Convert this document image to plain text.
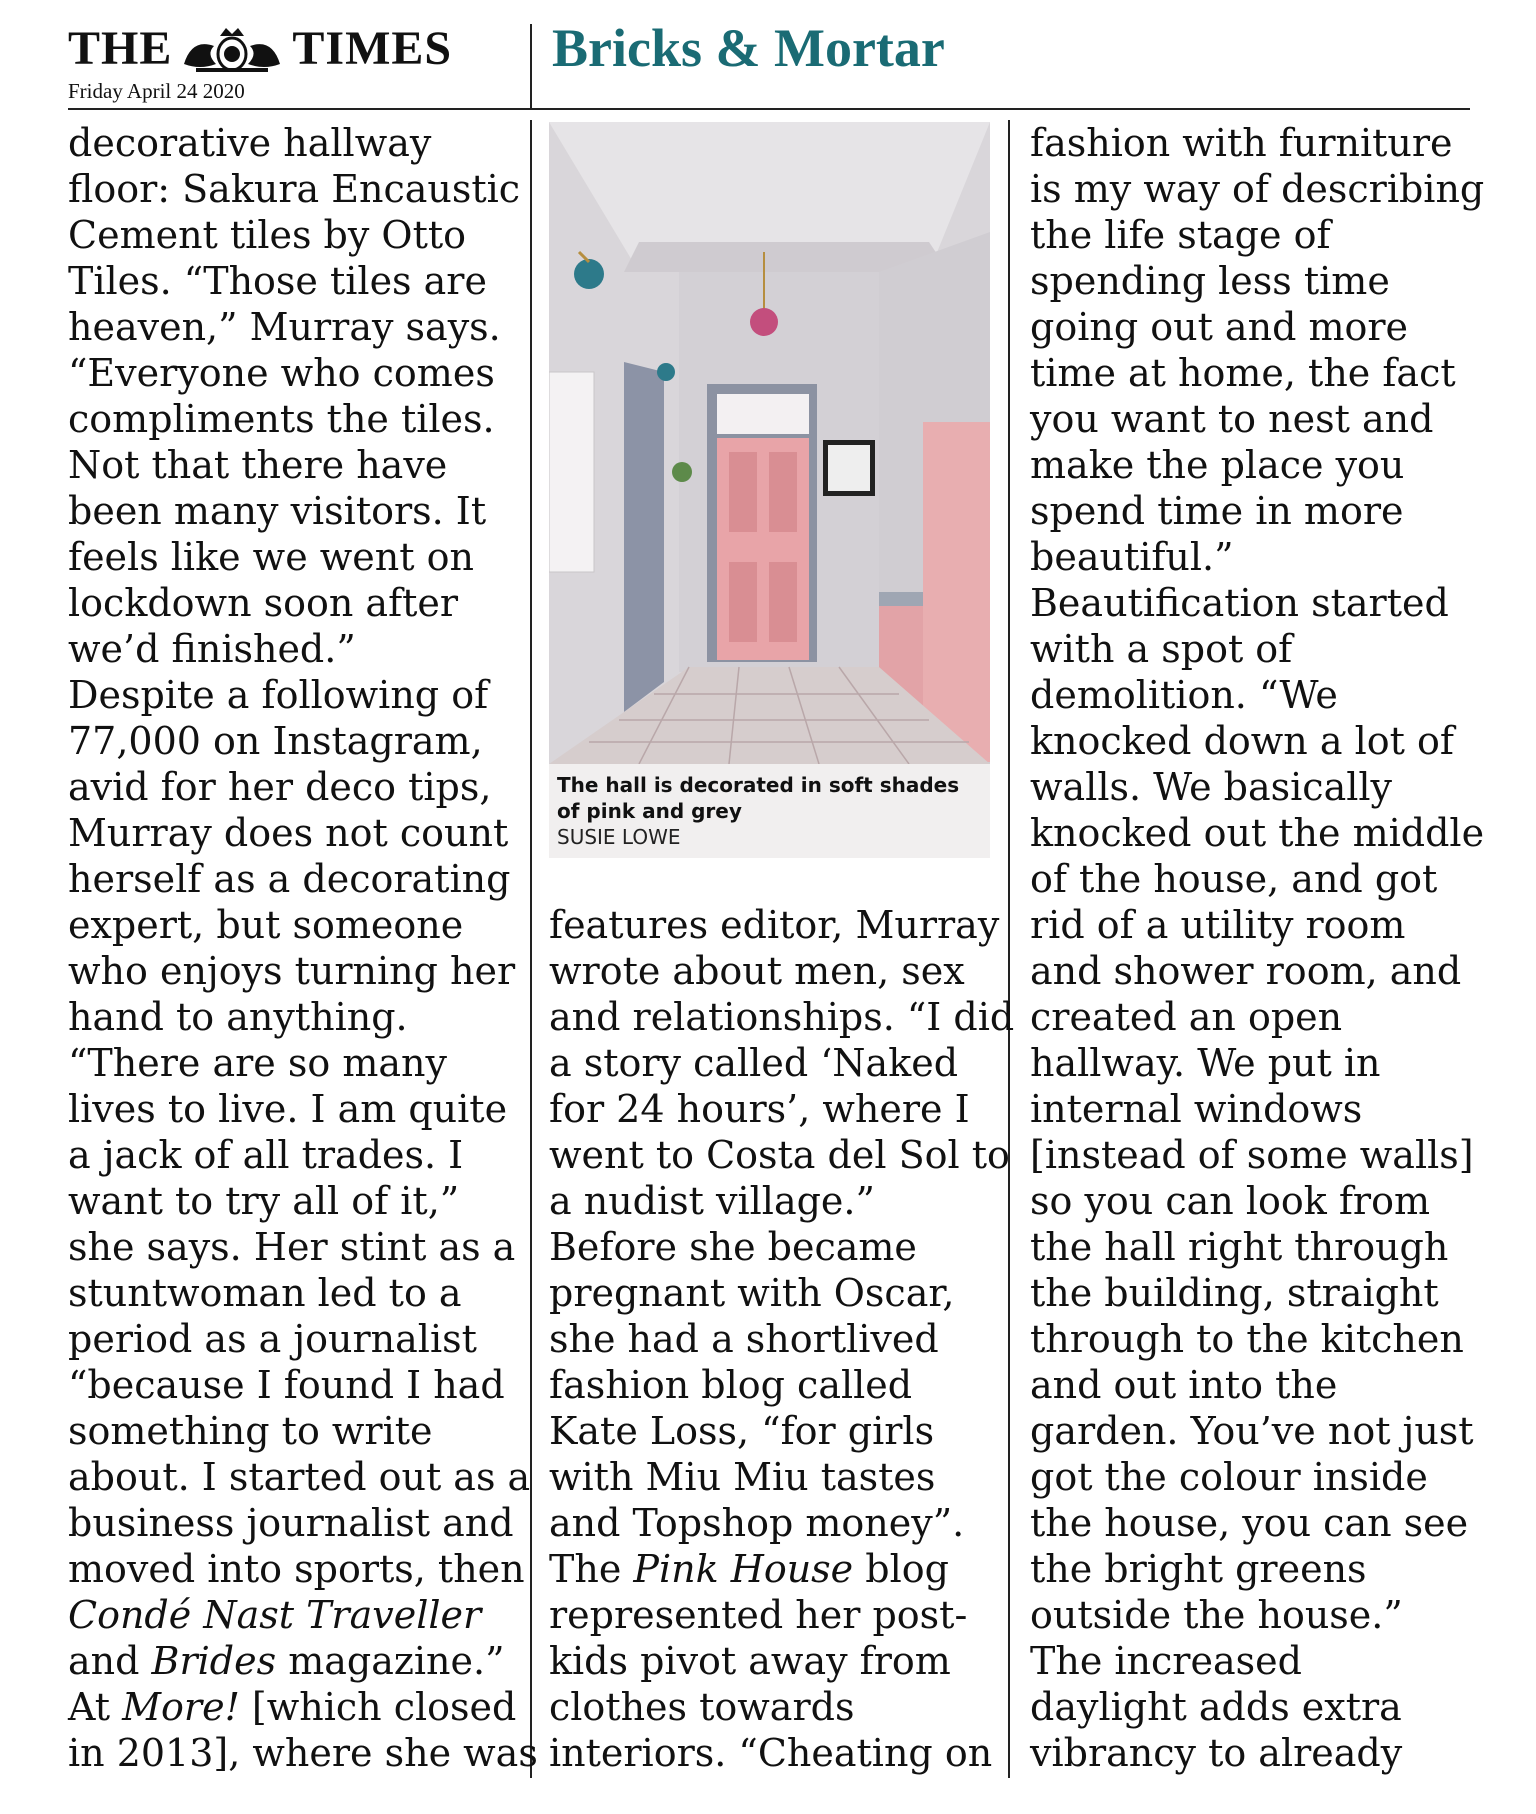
THE	TIMES
Friday April 24 2020
Bricks & Mortar
decorative hallway
floor: Sakura Encaustic
Cement tiles by Otto
Tiles. “Those tiles are
heaven,” Murray says.
“Everyone who comes
compliments the tiles.
Not that there have
been many visitors. It
feels like we went on
lockdown soon after
we’d finished.”
Despite a following of
77,000 on Instagram,
avid for her deco tips,
Murray does not count
herself as a decorating
expert, but someone
who enjoys turning her
hand to anything.
“There are so many
lives to live. I am quite
a jack of all trades. I
want to try all of it,”
she says. Her stint as a
stuntwoman led to a
period as a journalist
“because I found I had
something to write
about. I started out as a
business journalist and
moved into sports, then
Condé Nast Traveller
and Brides magazine.”
At More! [which closed
in 2013], where she was
The hall is decorated in soft shades of pink and grey
SUSIE LOWE
features editor, Murray
wrote about men, sex
and relationships. “I did
a story called ‘Naked
for 24 hours’, where I
went to Costa del Sol to
a nudist village.”
Before she became
pregnant with Oscar,
she had a shortlived
fashion blog called
Kate Loss, “for girls
with Miu Miu tastes
and Topshop money”.
The Pink House blog
represented her post-
kids pivot away from
clothes towards
interiors. “Cheating on
fashion with furniture
is my way of describing
the life stage of
spending less time
going out and more
time at home, the fact
you want to nest and
make the place you
spend time in more
beautiful.”
Beautification started
with a spot of
demolition. “We
knocked down a lot of
walls. We basically
knocked out the middle
of the house, and got
rid of a utility room
and shower room, and
created an open
hallway. We put in
internal windows
[instead of some walls]
so you can look from
the hall right through
the building, straight
through to the kitchen
and out into the
garden. You’ve not just
got the colour inside
the house, you can see
the bright greens
outside the house.”
The increased
daylight adds extra
vibrancy to already
